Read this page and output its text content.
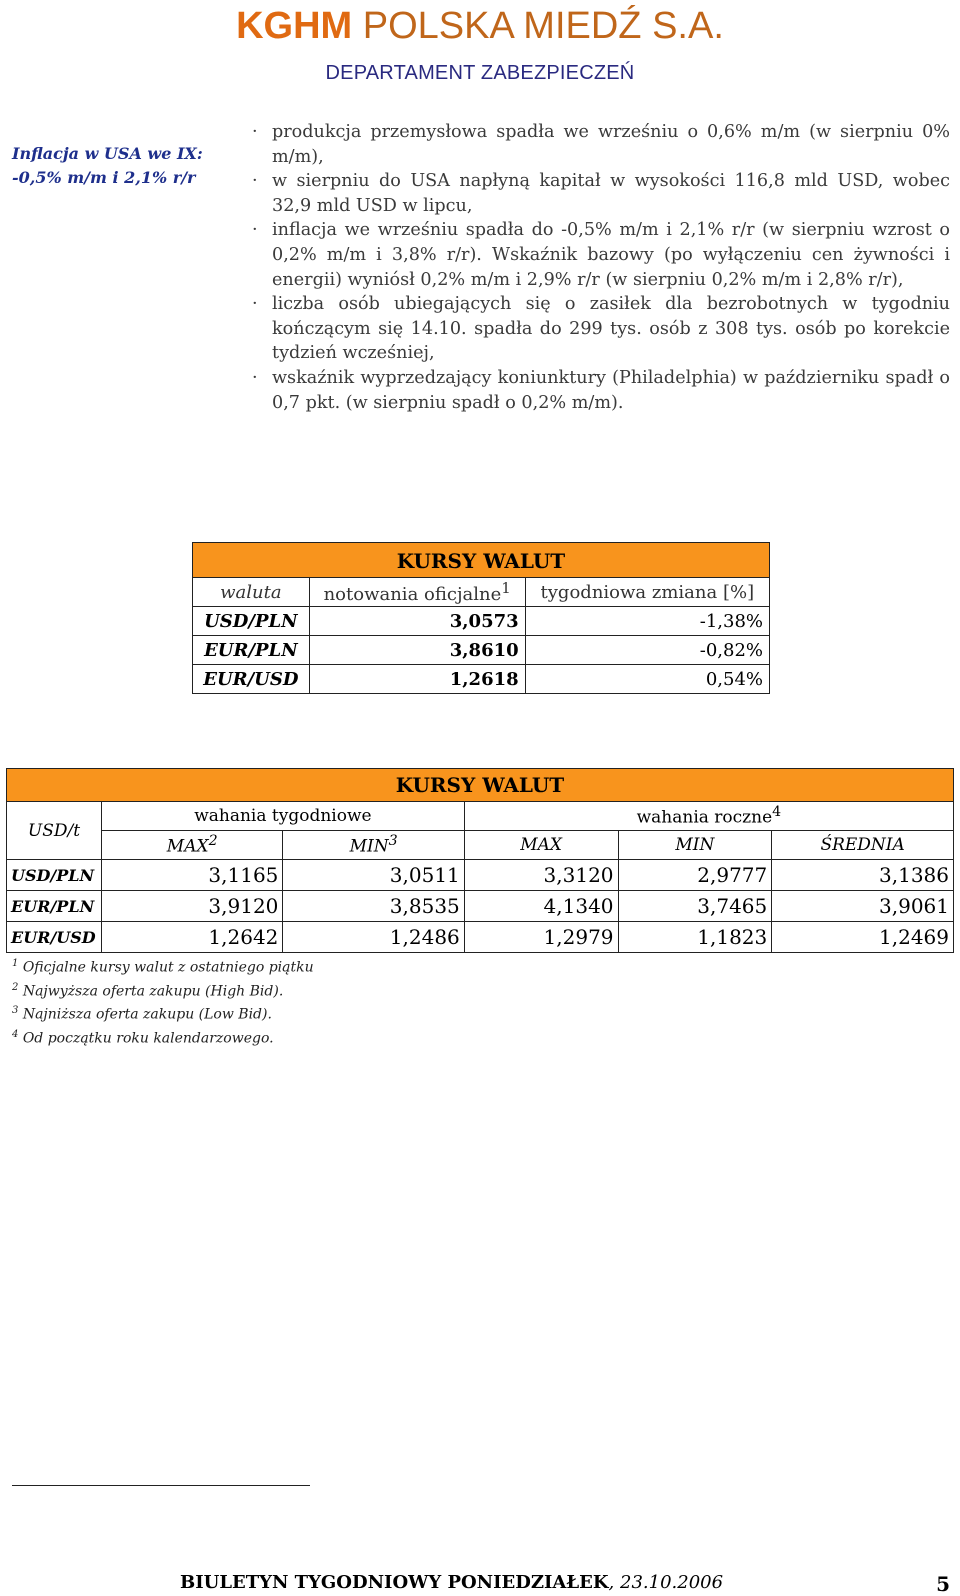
KGHM POLSKA MIEDŹ S.A.
DEPARTAMENT ZABEZPIECZEŃ
Inflacja w USA we IX:
-0,5% m/m i 2,1% r/r
· produkcja przemysłowa spadła we wrześniu o 0,6% m/m (w sierpniu 0% m/m),
· w sierpniu do USA napłyną kapitał w wysokości 116,8 mld USD, wobec 32,9 mld USD w lipcu,
· inflacja we wrześniu spadła do -0,5% m/m i 2,1% r/r (w sierpniu wzrost o 0,2% m/m i 3,8% r/r). Wskaźnik bazowy (po wyłączeniu cen żywności i energii) wyniósł 0,2% m/m i 2,9% r/r (w sierpniu 0,2% m/m i 2,8% r/r),
· liczba osób ubiegających się o zasiłek dla bezrobotnych w tygodniu kończącym się 14.10. spadła do 299 tys. osób z 308 tys. osób po korekcie tydzień wcześniej,
· wskaźnik wyprzedzający koniunktury (Philadelphia) w październiku spadł o 0,7 pkt. (w sierpniu spadł o 0,2% m/m).
KURSY WALUT		
waluta	notowania oficjalne$^1$	tygodniowa zmiana [%]
USD/PLN	3,0573	-1,38%
EUR/PLN	3,8610	-0,82%
EUR/USD	1,2618	0,54%
KURSY WALUT					
USD/t	wahania tygodniowe		wahania roczne$^4$
	MAX$^2$	MIN$^3$	MAX	MIN	ŚREDNIA
USD/PLN	3,1165	3,0511	3,3120	2,9777	3,1386
EUR/PLN	3,9120	3,8535	4,1340	3,7465	3,9061
EUR/USD	1,2642	1,2486	1,2979	1,1823	1,2469
$^1$ Oficjalne kursy walut z ostatniego piątku
$^2$ Najwyższa oferta zakupu (High Bid).
$^3$ Najniższa oferta zakupu (Low Bid).
$^4$ Od początku roku kalendarzowego.
BIULETYN TYGODNIOWY PONIEDZIAŁEK, 23.10.2006	5
